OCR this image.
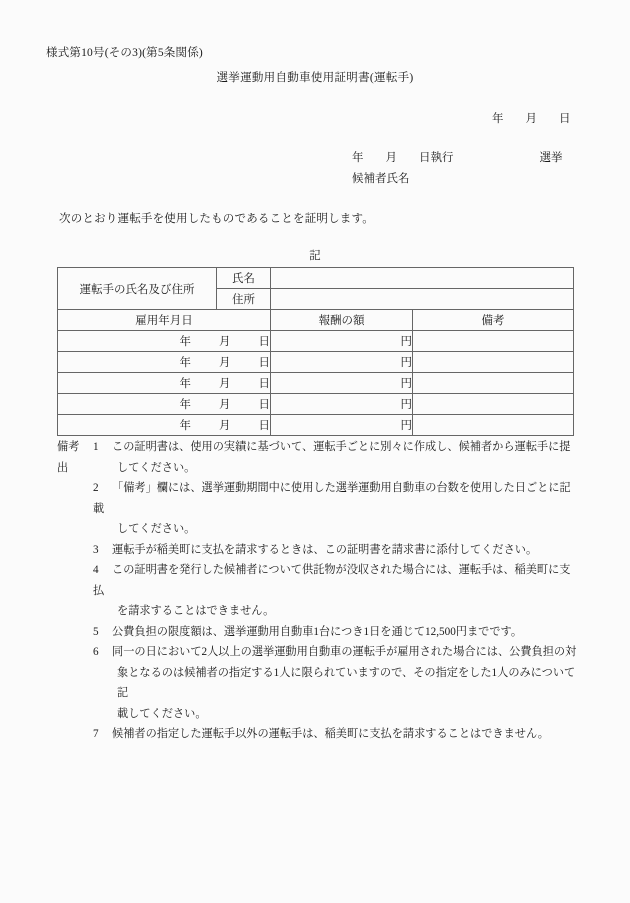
様式第10号(その3)(第5条関係)
選挙運動用自動車使用証明書(運転手)
年 月 日
年 月 日執行	選挙
候補者氏名
次のとおり運転手を使用したものであることを証明します。
記
運転手の氏名及び住所	氏名		
	住所		
雇用年月日		報酬の額	備考
年 月 日		円	
年 月 日		円	
年 月 日		円	
年 月 日		円	
年 月 日		円	
備考	1 この証明書は、使用の実績に基づいて、運転手ごとに別々に作成し、候補者から運転手に提
出	してください。
2 「備考」欄には、選挙運動期間中に使用した選挙運動用自動車の台数を使用した日ごとに記載
してください。
3 運転手が稲美町に支払を請求するときは、この証明書を請求書に添付してください。
4 この証明書を発行した候補者について供託物が没収された場合には、運転手は、稲美町に支払
を請求することはできません。
5 公費負担の限度額は、選挙運動用自動車1台につき1日を通じて12,500円までです。
6 同一の日において2人以上の選挙運動用自動車の運転手が雇用された場合には、公費負担の対
象となるのは候補者の指定する1人に限られていますので、その指定をした1人のみについて記
載してください。
7 候補者の指定した運転手以外の運転手は、稲美町に支払を請求することはできません。
